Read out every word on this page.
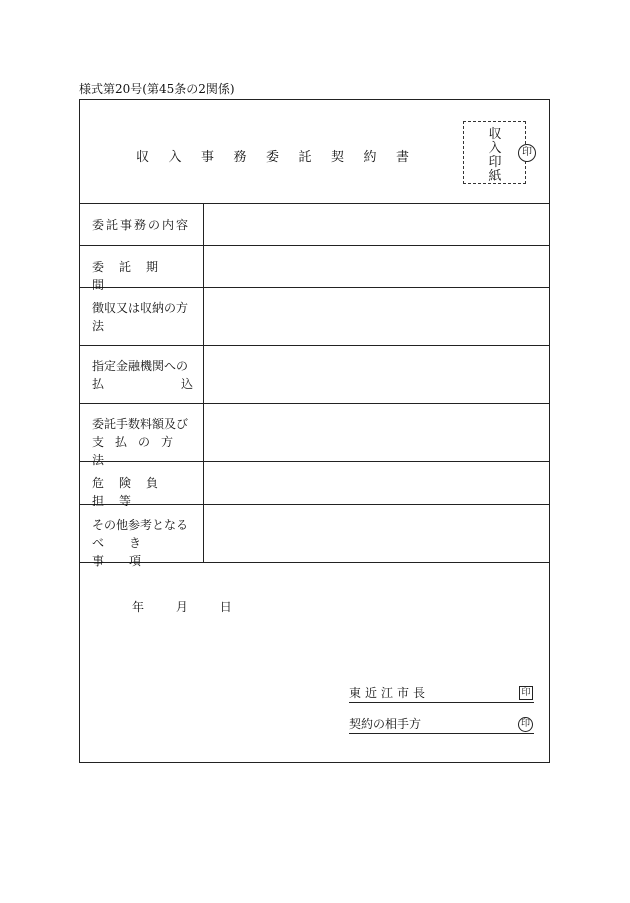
様式第20号(第45条の2関係)
収入事務委託契約書
収入印紙
印
委託事務の内容
委託期間
徴収又は収納の方
法
指定金融機関への
払	込
委託手数料額及び
支払の方法
危険負担等
その他参考となる
べき事項
年	月	日
東近江市長	印
契約の相手方	印
